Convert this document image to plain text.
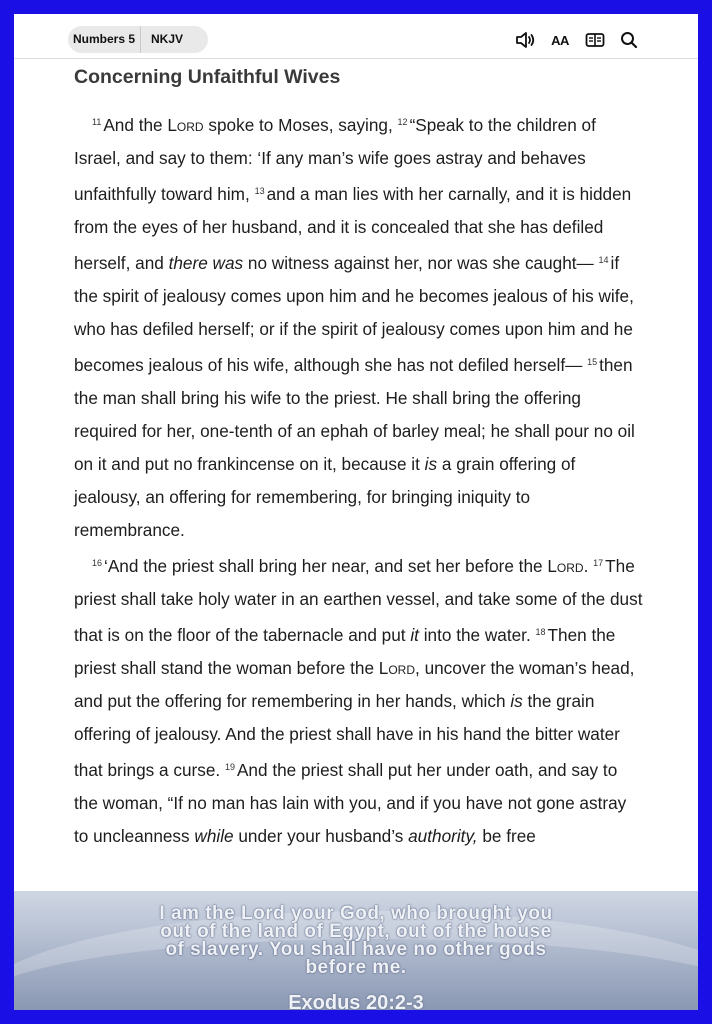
Numbers 5	NKJV	AA
Concerning Unfaithful Wives

$^{11}$ And the Lord spoke to Moses, saying, $^{12}$ “Speak to the children of Israel, and say to them: ‘If any man’s wife goes astray and behaves unfaithfully toward him, $^{13}$ and a man lies with her carnally, and it is hidden from the eyes of her husband, and it is concealed that she has defiled herself, and there was no witness against her, nor was she caught— $^{14}$ if the spirit of jealousy comes upon him and he becomes jealous of his wife, who has defiled herself; or if the spirit of jealousy comes upon him and he becomes jealous of his wife, although she has not defiled herself— $^{15}$ then the man shall bring his wife to the priest. He shall bring the offering required for her, one-tenth of an ephah of barley meal; he shall pour no oil on it and put no frankincense on it, because it is a grain offering of jealousy, an offering for remembering, for bringing iniquity to remembrance.

$^{16}$ ‘And the priest shall bring her near, and set her before the Lord. $^{17}$ The priest shall take holy water in an earthen vessel, and take some of the dust that is on the floor of the tabernacle and put it into the water. $^{18}$ Then the priest shall stand the woman before the Lord, uncover the woman’s head, and put the offering for remembering in her hands, which is the grain offering of jealousy. And the priest shall have in his hand the bitter water that brings a curse. $^{19}$ And the priest shall put her under oath, and say to the woman, “If no man has lain with you, and if you have not gone astray to uncleanness while under your husband’s authority, be free

I am the Lord your God, who brought you
out of the land of Egypt, out of the house
of slavery. You shall have no other gods
before me.
Exodus 20:2-3
